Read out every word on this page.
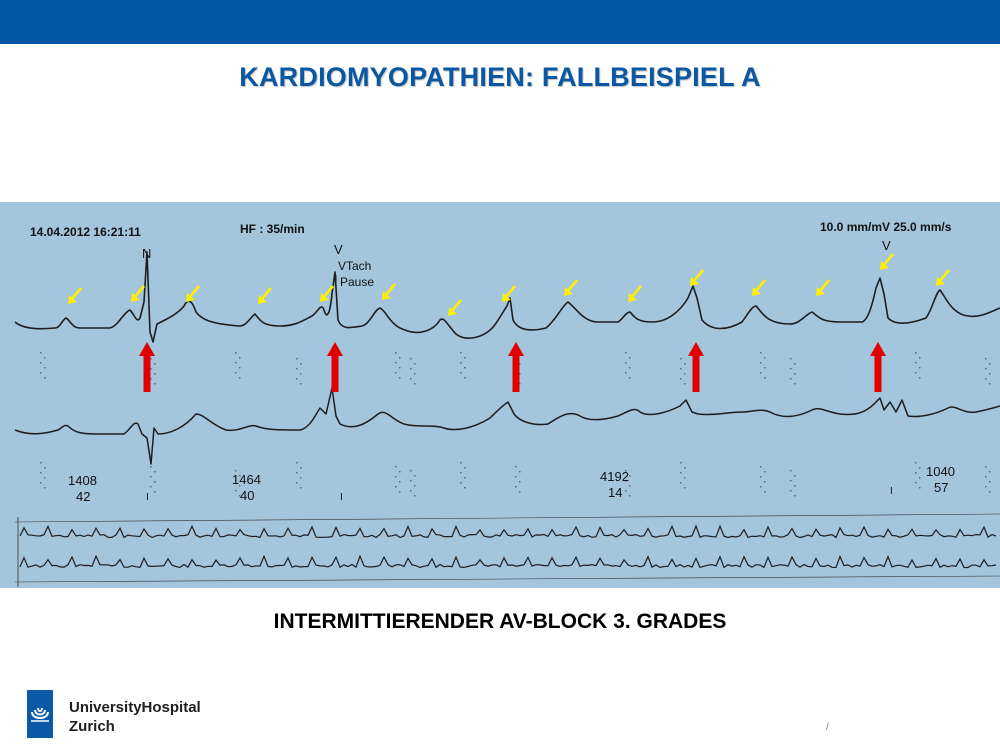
KARDIOMYOPATHIEN: FALLBEISPIEL A
14.04.2012 16:21:11	HF : 35/min	10.0 mm/mV 25.0 mm/s
N	V
VTach
Pause
V
1408
42
1464
40
4192
14
1040
57
I	I
I
INTERMITTIERENDER AV-BLOCK 3. GRADES
UniversityHospital
Zurich	/
